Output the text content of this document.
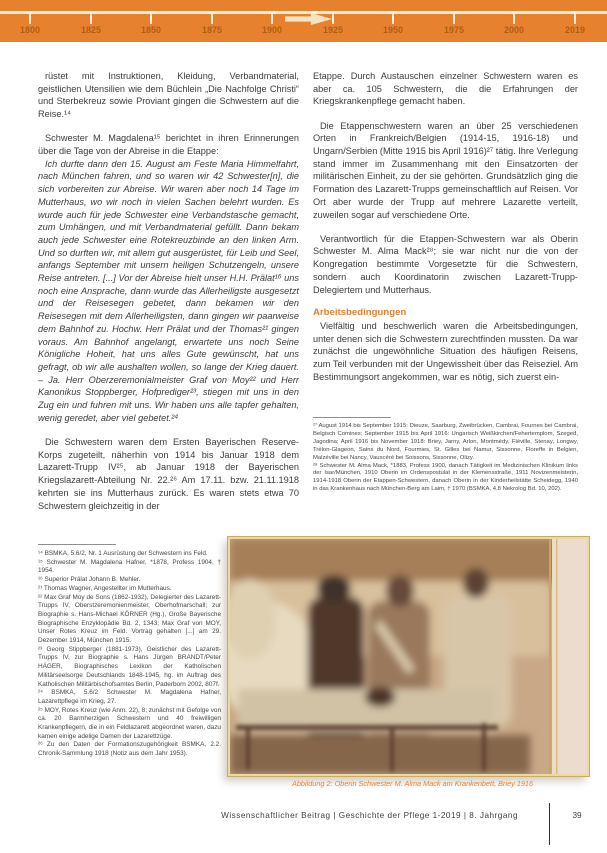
1800	1825	1850	1875	1900	1925	1950	1975	2000	2019
rüstet mit Instruktionen, Kleidung, Verbandmaterial, geistlichen Utensilien wie dem Büchlein „Die Nachfolge Christi“ und Sterbekreuz sowie Proviant gingen die Schwestern auf die Reise.¹⁴
Schwester M. Magdalena¹⁵ berichtet in ihren Erinnerungen über die Tage von der Abreise in die Etappe:
Ich durfte dann den 15. August am Feste Maria Himmelfahrt, nach München fahren, und so waren wir 42 Schwester[n], die sich vorbereiten zur Abreise. Wir waren aber noch 14 Tage im Mutterhaus, wo wir noch in vielen Sachen belehrt wurden. Es wurde auch für jede Schwester eine Verbandstasche gemacht, zum Umhängen, und mit Verbandmaterial gefüllt. Dann bekam auch jede Schwester eine Rotekreuzbinde an den linken Arm. Und so durften wir, mit allem gut ausgerüstet, für Leib und Seel, anfangs September mit unsern heiligen Schutzengeln, unsere Reise antreten. [...] Vor der Abreise hielt unser H.H. Prälat¹⁶ uns noch eine Ansprache, dann wurde das Allerheiligste ausgesetzt und der Reisesegen gebetet, dann bekamen wir den Reisesegen mit dem Allerheiligsten, dann gingen wir paarweise dem Bahnhof zu. Hochw. Herr Prälat und der Thomas²¹ gingen voraus. Am Bahnhof angelangt, erwartete uns noch Seine Königliche Hoheit, hat uns alles Gute gewünscht, hat uns gefragt, ob wir alle aushalten wollen, so lange der Krieg dauert. – Ja. Herr Oberzeremonialmeister Graf von Moy²² und Herr Kanonikus Stoppberger, Hofprediger²³, stiegen mit uns in den Zug ein und fuhren mit uns. Wir haben uns alle tapfer gehalten, wenig geredet, aber viel gebetet.²⁴
Die Schwestern waren dem Ersten Bayerischen Reserve-Korps zugeteilt, näherhin von 1914 bis Januar 1918 dem Lazarett-Trupp IV²⁵, ab Januar 1918 der Bayerischen Kriegslazarett-Abteilung Nr. 22.²⁶ Am 17.11. bzw. 21.11.1918 kehrten sie ins Mutterhaus zurück. Es waren stets etwa 70 Schwestern gleichzeitig in der
Etappe. Durch Austauschen einzelner Schwestern waren es aber ca. 105 Schwestern, die die Erfahrungen der Kriegskrankenpflege gemacht haben.
Die Etappenschwestern waren an über 25 verschiedenen Orten in Frankreich/Belgien (1914-15, 1916-18) und Ungarn/Serbien (Mitte 1915 bis April 1916)²⁷ tätig. Ihre Verlegung stand immer im Zusammenhang mit den Einsatzorten der militärischen Einheit, zu der sie gehörten. Grundsätzlich ging die Formation des Lazarett-Trupps gemeinschaftlich auf Reisen. Vor Ort aber wurde der Trupp auf mehrere Lazarette verteilt, zuweilen sogar auf verschiedene Orte.
Verantwortlich für die Etappen-Schwestern war als Oberin Schwester M. Alma Mack²⁸; sie war nicht nur die von der Kongregation bestimmte Vorgesetzte für die Schwestern, sondern auch Koordinatorin zwischen Lazarett-Trupp-Delegiertem und Mutterhaus.
Arbeitsbedingungen
Vielfältig und beschwerlich waren die Arbeitsbedingungen, unter denen sich die Schwestern zurechtfinden mussten. Da war zunächst die ungewöhnliche Situation des häufigen Reisens, zum Teil verbunden mit der Ungewissheit über das Reiseziel. Am Bestimmungsort angekommen, war es nötig, sich zuerst ein-
¹⁴ BSMKA, 5.6/2, Nr. 1 Ausrüstung der Schwestern ins Feld.
¹⁵ Schwester M. Magdalena Hafner, *1878, Profess 1904, † 1954.
¹⁶ Superior Prälat Johann B. Mehler.
²¹ Thomas Wagner, Angestellter im Mutterhaus.
²² Max Graf Moy de Sons (1862-1932), Delegierter des Lazarett-Trupps IV, Oberstzeremonienmeister, Oberhofmarschall; zur Biographie s. Hans-Michael KÖRNER (Hg.), Große Bayerische Biographische Enzyklopädie Bd. 2, 1343; Max Graf von MOY, Unser Rotes Kreuz im Feld. Vortrag gehalten [...] am 29. Dezember 1914, München 1915.
²³ Georg Stippberger (1881-1973), Geistlicher des Lazarett-Trupps IV, zur Biographie s. Hans Jürgen BRANDT/Peter HÄGER, Biographisches Lexikon der Katholischen Militärseelsorge Deutschlands 1848-1945, hg. im Auftrag des Katholischen Militärbischofsamtes Berlin, Paderborn 2002, 807f.
²⁴ BSMKA, 5.6/2 Schwester M. Magdalena Hafner, Lazarettpflege im Krieg, 27.
²⁵ MOY, Rotes Kreuz (wie Anm. 22), 8; zunächst mit Gefolge von ca. 20 Barmherzigen Schwestern und 40 freiwilligen Krankenpflegern, die in ein Feldlazarett abgeordnet waren, dazu kamen einige adelige Damen der Lazarettzüge.
²⁶ Zu den Daten der Formationszugehörigkeit BSMKA, 2.2. Chronik-Sammlung 1918 (Notiz aus dem Jahr 1953).
²⁷ August 1914 bis September 1915: Dieuze, Saarburg, Zweibrücken, Cambrai, Fournes bei Cambrai, Belgisch Comines; September 1915 bis April 1916: Ungarisch Weißkirchen/Fehertemplom, Szeged, Jagodina; April 1916 bis November 1918: Briey, Jarny, Arlon, Montmédy, Fléville, Stenay, Longwy, Trélon-Glageon, Sains du Nord, Fourmies, St. Gilles bei Namur, Sissonne, Floreffe in Belgien, Malzéville bei Nancy, Vauxcéré bei Soissons, Sissonne, Olizy.
²⁸ Schwester M. Alma Mack, *1883, Profess 1900, danach Tätigkeit im Medizinischen Klinikum links der Isar/München, 1910 Oberin im Ordenspostulat in der Klemensstraße, 1911 Novizenmeisterin, 1914-1918 Oberin der Etappen-Schwestern, danach Oberin in der Kinderheilstätte Scheidegg, 1940 in das Krankenhaus nach München-Berg am Laim, † 1970 (BSMKA, 4.8 Nekrolog Bd. 10, 202).
Abbildung 2: Oberin Schwester M. Alma Mack am Krankenbett, Briey 1916
Wissenschaftlicher Beitrag | Geschichte der Pflege 1-2019 | 8. Jahrgang	39
